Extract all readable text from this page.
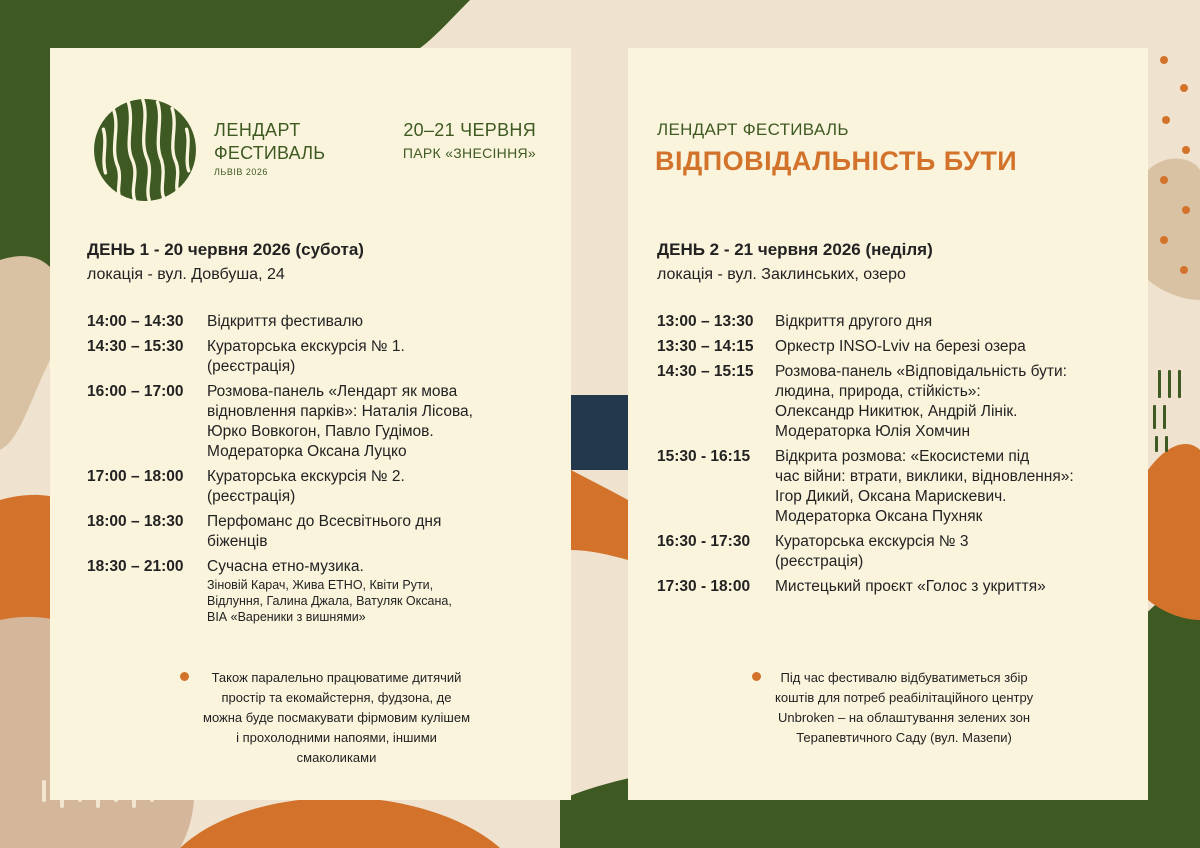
ЛЕНДАРТ
ФЕСТИВАЛЬ
ЛЬВІВ 2026
20–21 ЧЕРВНЯ
ПАРК «ЗНЕСІННЯ»
ДЕНЬ 1 - 20 червня 2026 (субота)
локація - вул. Довбуша, 24
14:00 – 14:30	Відкриття фестивалю
14:30 – 15:30	Кураторська екскурсія № 1.
(реєстрація)
16:00 – 17:00	Розмова-панель «Лендарт як мова
відновлення парків»: Наталія Лісова,
Юрко Вовкогон, Павло Гудімов.
Модераторка Оксана Луцко
17:00 – 18:00	Кураторська екскурсія № 2.
(реєстрація)
18:00 – 18:30	Перфоманс до Всесвітнього дня
біженців
18:30 – 21:00	Сучасна етно-музика.
Зіновій Карач, Жива ЕТНО, Квіти Рути,
Відлуння, Галина Джала, Ватуляк Оксана,
ВІА «Вареники з вишнями»
Також паралельно працюватиме дитячий
простір та екомайстерня, фудзона, де
можна буде посмакувати фірмовим кулішем
і прохолодними напоями, іншими
смаколиками
ЛЕНДАРТ ФЕСТИВАЛЬ
ВІДПОВІДАЛЬНІСТЬ БУТИ
ДЕНЬ 2 - 21 червня 2026 (неділя)
локація - вул. Заклинських, озеро
13:00 – 13:30	Відкриття другого дня
13:30 – 14:15	Оркестр INSO-Lviv на березі озера
14:30 – 15:15	Розмова-панель «Відповідальність бути:
людина, природа, стійкість»:
Олександр Никитюк, Андрій Лінік.
Модераторка Юлія Хомчин
15:30 - 16:15	Відкрита розмова: «Екосистеми під
час війни: втрати, виклики, відновлення»:
Ігор Дикий, Оксана Марискевич.
Модераторка Оксана Пухняк
16:30 - 17:30	Кураторська екскурсія № 3
(реєстрація)
17:30 - 18:00	Мистецький проєкт «Голос з укриття»
Під час фестивалю відбуватиметься збір
коштів для потреб реабілітаційного центру
Unbroken – на облаштування зелених зон
Терапевтичного Саду (вул. Мазепи)
